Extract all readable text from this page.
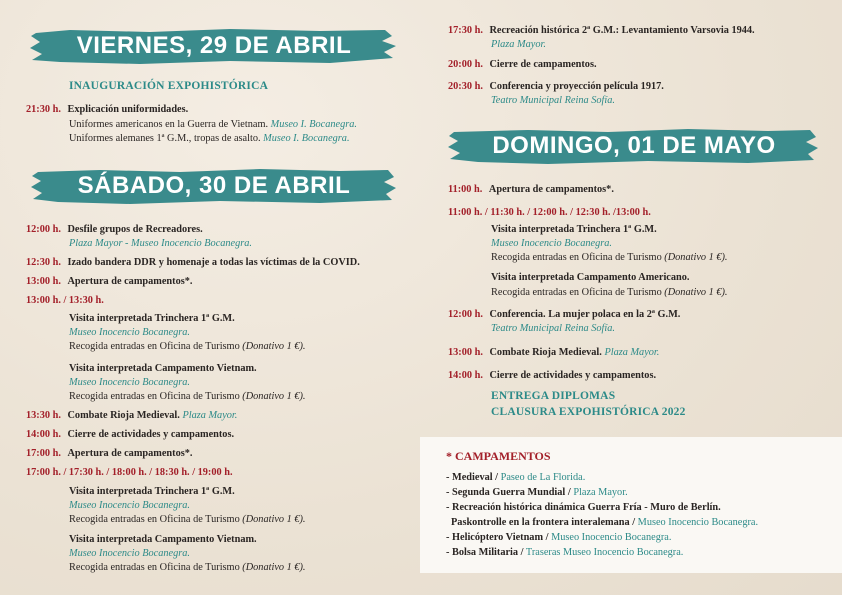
VIERNES, 29 DE ABRIL
SÁBADO, 30 DE ABRIL
DOMINGO, 01 DE MAYO
INAUGURACIÓN EXPOHISTÓRICA
21:30 h. Explicación uniformidades.
Uniformes americanos en la Guerra de Vietnam. Museo I. Bocanegra.
Uniformes alemanes 1ª G.M., tropas de asalto. Museo I. Bocanegra.
12:00 h. Desfile grupos de Recreadores.
Plaza Mayor - Museo Inocencio Bocanegra.
12:30 h. Izado bandera DDR y homenaje a todas las víctimas de la COVID.
13:00 h. Apertura de campamentos*.
13:00 h. / 13:30 h.
Visita interpretada Trinchera 1ª G.M.
Museo Inocencio Bocanegra.
Recogida entradas en Oficina de Turismo (Donativo 1 €).
Visita interpretada Campamento Vietnam.
Museo Inocencio Bocanegra.
Recogida entradas en Oficina de Turismo (Donativo 1 €).
13:30 h. Combate Rioja Medieval. Plaza Mayor.
14:00 h. Cierre de actividades y campamentos.
17:00 h. Apertura de campamentos*.
17:00 h. / 17:30 h. / 18:00 h. / 18:30 h. / 19:00 h.
Visita interpretada Trinchera 1ª G.M.
Museo Inocencio Bocanegra.
Recogida entradas en Oficina de Turismo (Donativo 1 €).
Visita interpretada Campamento Vietnam.
Museo Inocencio Bocanegra.
Recogida entradas en Oficina de Turismo (Donativo 1 €).
17:30 h. Recreación histórica 2ª G.M.: Levantamiento Varsovia 1944.
Plaza Mayor.
20:00 h. Cierre de campamentos.
20:30 h. Conferencia y proyección película 1917.
Teatro Municipal Reina Sofía.
11:00 h. Apertura de campamentos*.
11:00 h. / 11:30 h. / 12:00 h. / 12:30 h. /13:00 h.
Visita interpretada Trinchera 1ª G.M.
Museo Inocencio Bocanegra.
Recogida entradas en Oficina de Turismo (Donativo 1 €).
Visita interpretada Campamento Americano.
Recogida entradas en Oficina de Turismo (Donativo 1 €).
12:00 h. Conferencia. La mujer polaca en la 2ª G.M.
Teatro Municipal Reina Sofía.
13:00 h. Combate Rioja Medieval. Plaza Mayor.
14:00 h. Cierre de actividades y campamentos.
ENTREGA DIPLOMAS
CLAUSURA EXPOHISTÓRICA 2022
* CAMPAMENTOS
- Medieval / Paseo de La Florida.
- Segunda Guerra Mundial / Plaza Mayor.
- Recreación histórica dinámica Guerra Fría - Muro de Berlín.
Paskontrolle en la frontera interalemana / Museo Inocencio Bocanegra.
- Helicóptero Vietnam / Museo Inocencio Bocanegra.
- Bolsa Militaria / Traseras Museo Inocencio Bocanegra.
